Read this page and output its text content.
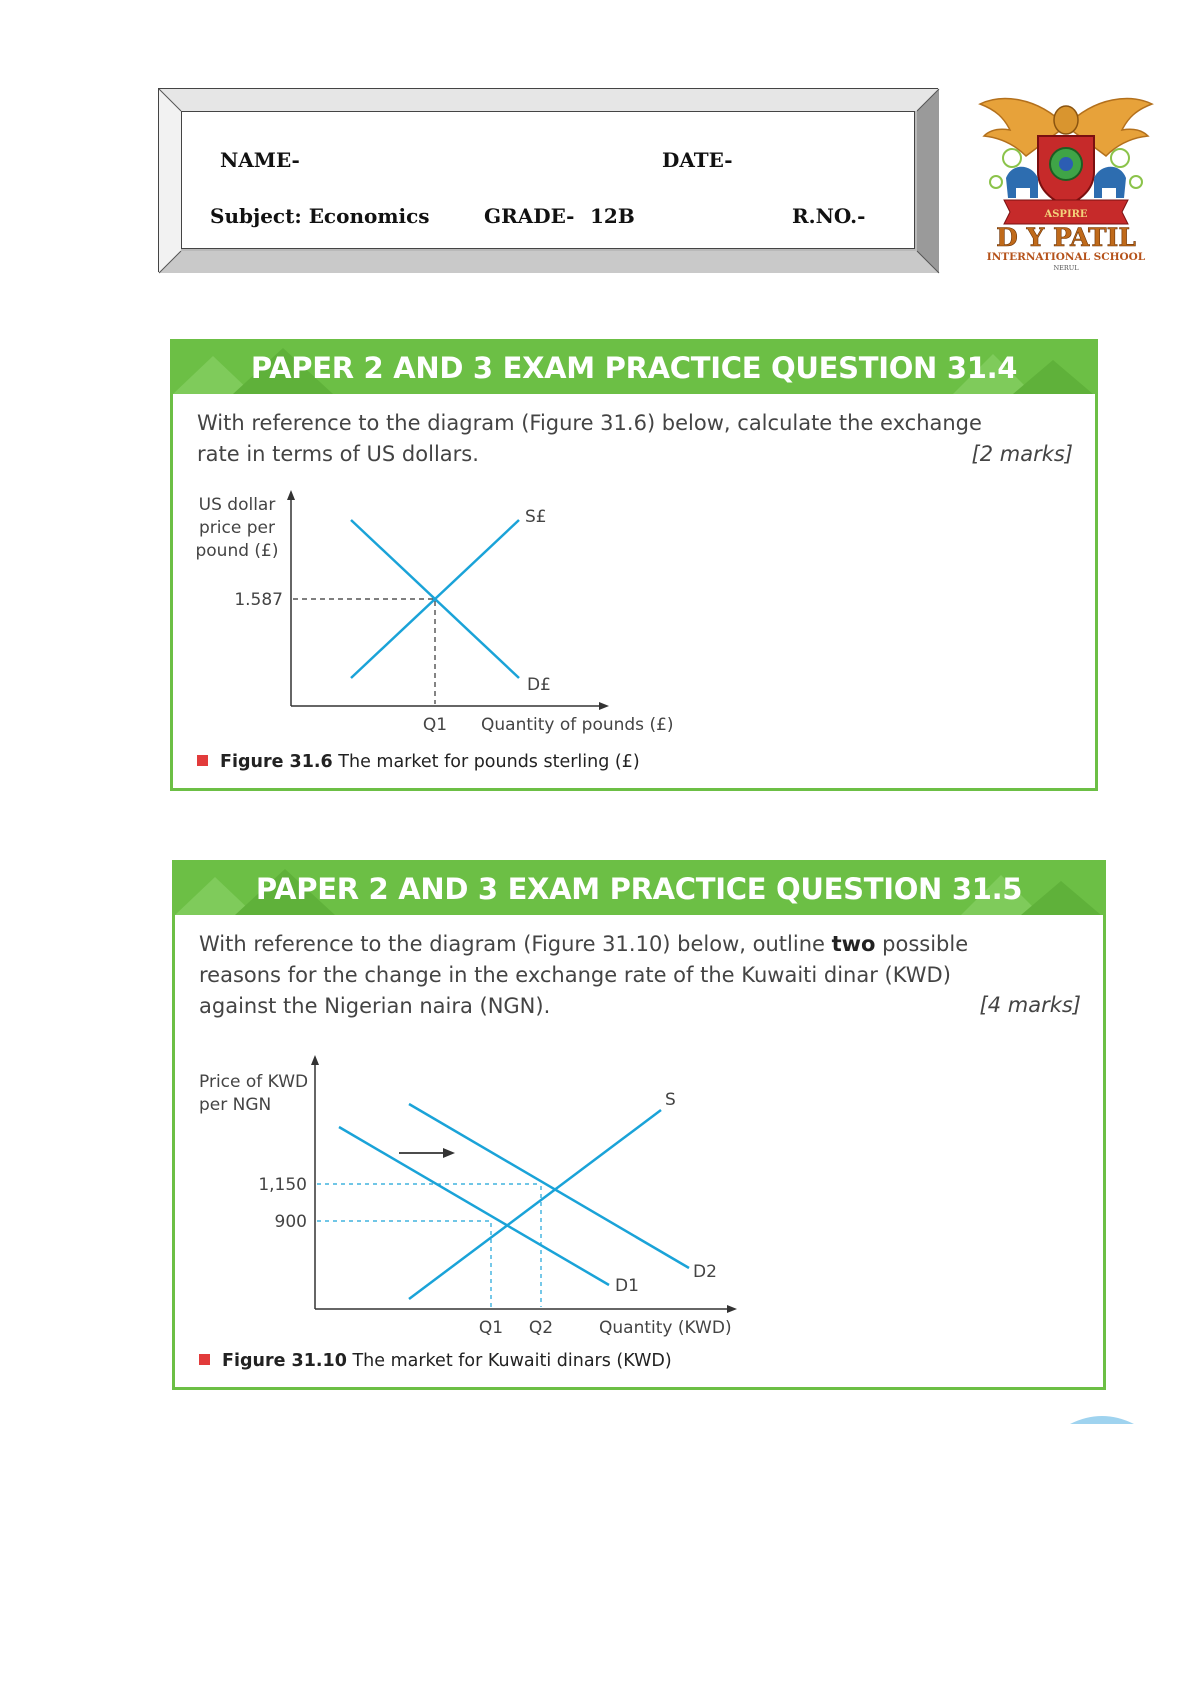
NAME-	DATE-
Subject: Economics	GRADE- 12B	R.NO.-	ASPIRE
D Y PATIL
INTERNATIONAL SCHOOL
NERUL
PAPER 2 AND 3 EXAM PRACTICE QUESTION 31.4
With reference to the diagram (Figure 31.6) below, calculate the exchange
rate in terms of US dollars.	[2 marks]
US dollar
price per
pound (£)
S£
D£
1.587
Q1 Quantity of pounds (£)
Figure 31.6 The market for pounds sterling (£)
PAPER 2 AND 3 EXAM PRACTICE QUESTION 31.5
With reference to the diagram (Figure 31.10) below, outline two possible
reasons for the change in the exchange rate of the Kuwaiti dinar (KWD)
against the Nigerian naira (NGN).	[4 marks]
Price of KWD
per NGN	S
D1
D2
1,150
900
Q1 Q2	Quantity (KWD)
Figure 31.10 The market for Kuwaiti dinars (KWD)
